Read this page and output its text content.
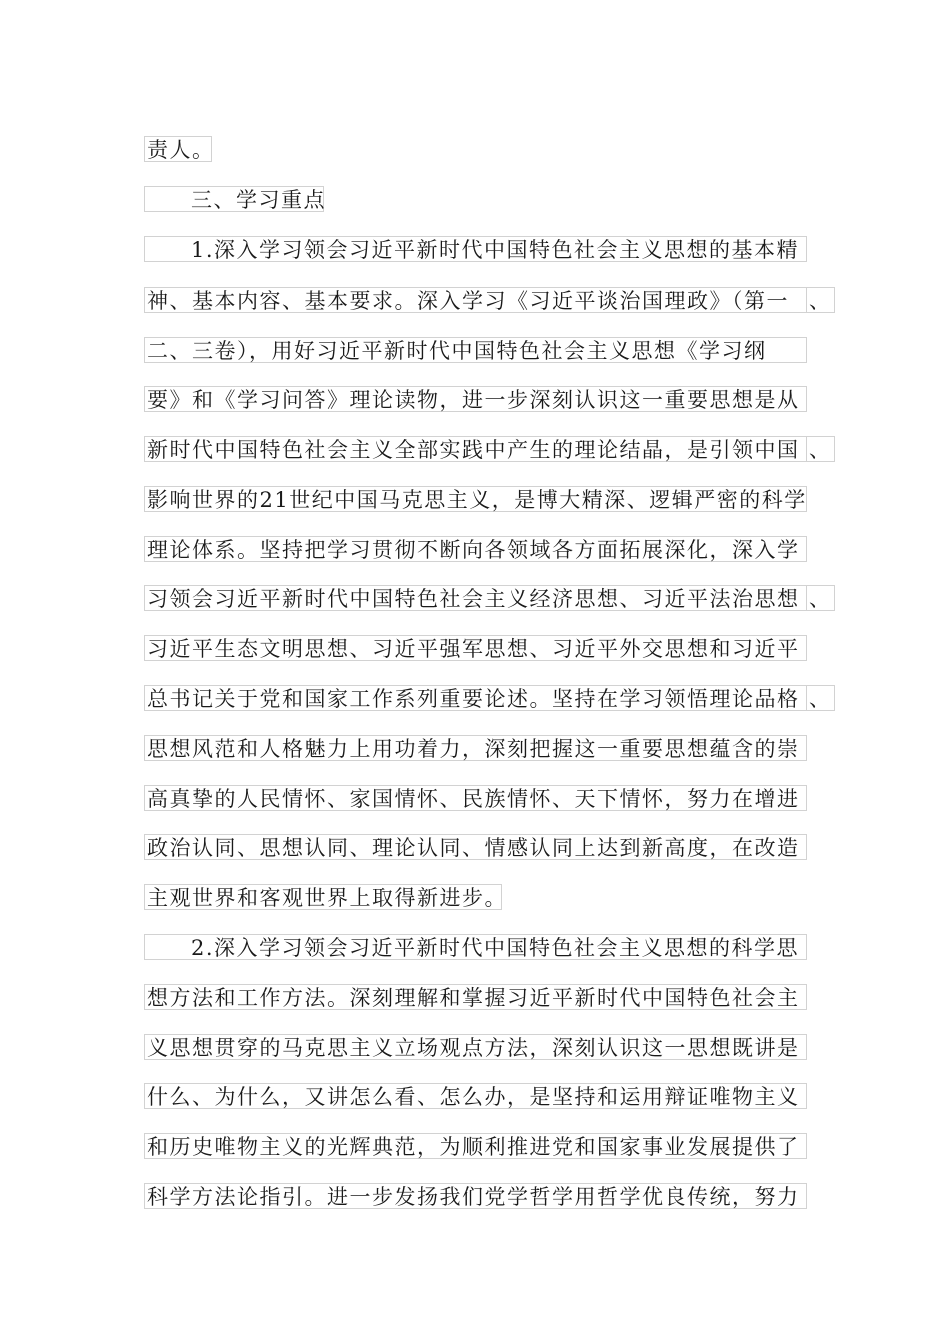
责人。
三、学习重点
1.深入学习领会习近平新时代中国特色社会主义思想的基本精
神、基本内容、基本要求。深入学习《习近平谈治国理政》（第一 、
二、三卷），用好习近平新时代中国特色社会主义思想《学习纲
要》和《学习问答》理论读物，进一步深刻认识这一重要思想是从
新时代中国特色社会主义全部实践中产生的理论结晶，是引领中国 、
影响世界的21世纪中国马克思主义，是博大精深、逻辑严密的科学
理论体系。坚持把学习贯彻不断向各领域各方面拓展深化，深入学
习领会习近平新时代中国特色社会主义经济思想、习近平法治思想 、
习近平生态文明思想、习近平强军思想、习近平外交思想和习近平
总书记关于党和国家工作系列重要论述。坚持在学习领悟理论品格 、
思想风范和人格魅力上用功着力，深刻把握这一重要思想蕴含的崇
高真挚的人民情怀、家国情怀、民族情怀、天下情怀，努力在增进
政治认同、思想认同、理论认同、情感认同上达到新高度，在改造
主观世界和客观世界上取得新进步。
2.深入学习领会习近平新时代中国特色社会主义思想的科学思
想方法和工作方法。深刻理解和掌握习近平新时代中国特色社会主
义思想贯穿的马克思主义立场观点方法，深刻认识这一思想既讲是
什么、为什么，又讲怎么看、怎么办，是坚持和运用辩证唯物主义
和历史唯物主义的光辉典范，为顺利推进党和国家事业发展提供了
科学方法论指引。进一步发扬我们党学哲学用哲学优良传统，努力
